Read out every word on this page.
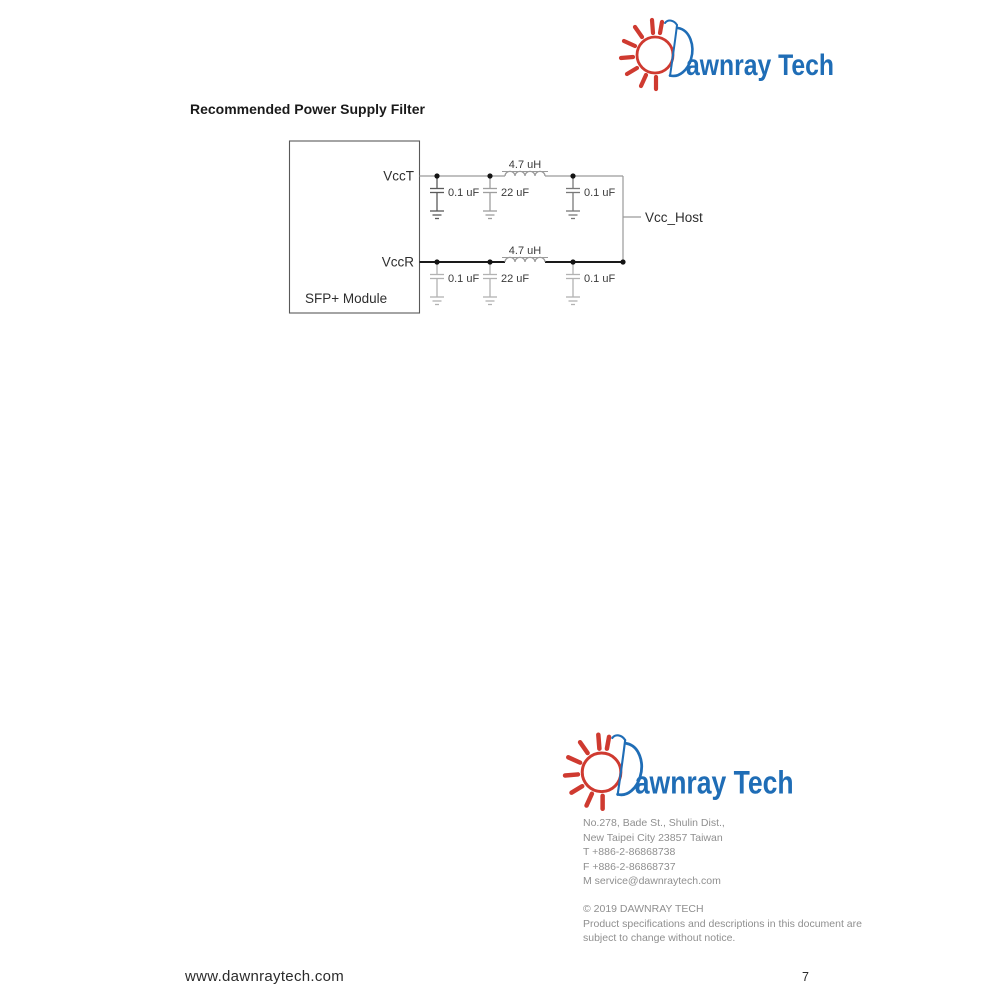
awnray Tech
Recommended Power Supply Filter
VccT
VccR
SFP+ Module
Vcc_Host
4.7 uH
0.1 uF 22 uF	0.1 uF
4.7 uH
0.1 uF 22 uF	0.1 uF
awnray Tech
No.278, Bade St., Shulin Dist.,
New Taipei City 23857 Taiwan
T +886-2-86868738
F +886-2-86868737
M service@dawnraytech.com
© 2019 DAWNRAY TECH
Product specifications and descriptions in this document are
subject to change without notice.
www.dawnraytech.com	7
